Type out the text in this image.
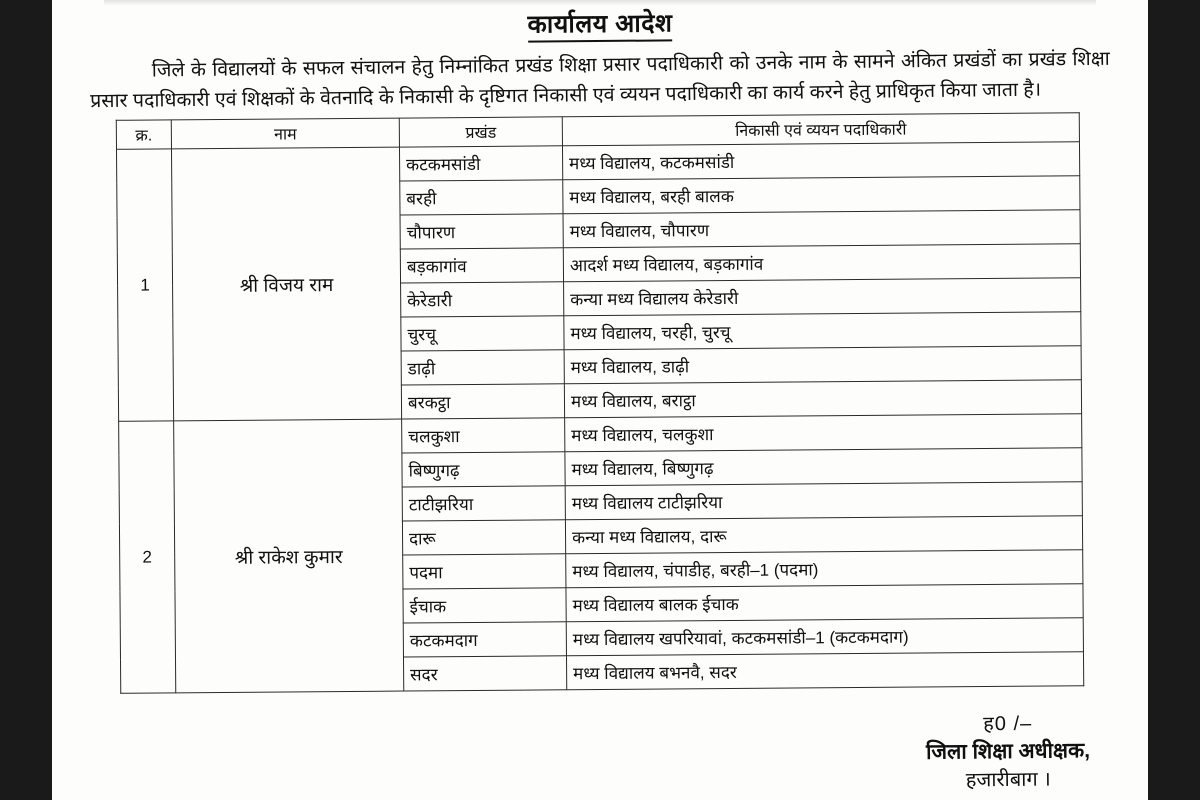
कार्यालय आदेश
जिले के विद्यालयों के सफल संचालन हेतु निम्नांकित प्रखंड शिक्षा प्रसार पदाधिकारी को उनके नाम के सामने अंकित प्रखंडों का प्रखंड शिक्षा प्रसार पदाधिकारी एवं शिक्षकों के वेतनादि के निकासी के दृष्टिगत निकासी एवं व्ययन पदाधिकारी का कार्य करने हेतु प्राधिकृत किया जाता है।
क्र.	नाम	प्रखंड	निकासी एवं व्ययन पदाधिकारी
1	श्री विजय राम	कटकमसांडी	मध्य विद्यालय, कटकमसांडी
		बरही	मध्य विद्यालय, बरही बालक
		चौपारण	मध्य विद्यालय, चौपारण
		बड़कागांव	आदर्श मध्य विद्यालय, बड़कागांव
		केरेडारी	कन्या मध्य विद्यालय केरेडारी
		चुरचू	मध्य विद्यालय, चरही, चुरचू
		डाढ़ी	मध्य विद्यालय, डाढ़ी
		बरकट्ठा	मध्य विद्यालय, बराट्ठा
2	श्री राकेश कुमार	चलकुशा	मध्य विद्यालय, चलकुशा
		बिष्णुगढ़	मध्य विद्यालय, बिष्णुगढ़
		टाटीझरिया	मध्य विद्यालय टाटीझरिया
		दारू	कन्या मध्य विद्यालय, दारू
		पदमा	मध्य विद्यालय, चंपाडीह, बरही–1 (पदमा)
		ईचाक	मध्य विद्यालय बालक ईचाक
		कटकमदाग	मध्य विद्यालय खपरियावां, कटकमसांडी–1 (कटकमदाग)
		सदर	मध्य विद्यालय बभनवै, सदर
ह0 /–
जिला शिक्षा अधीक्षक,
हजारीबाग ।
